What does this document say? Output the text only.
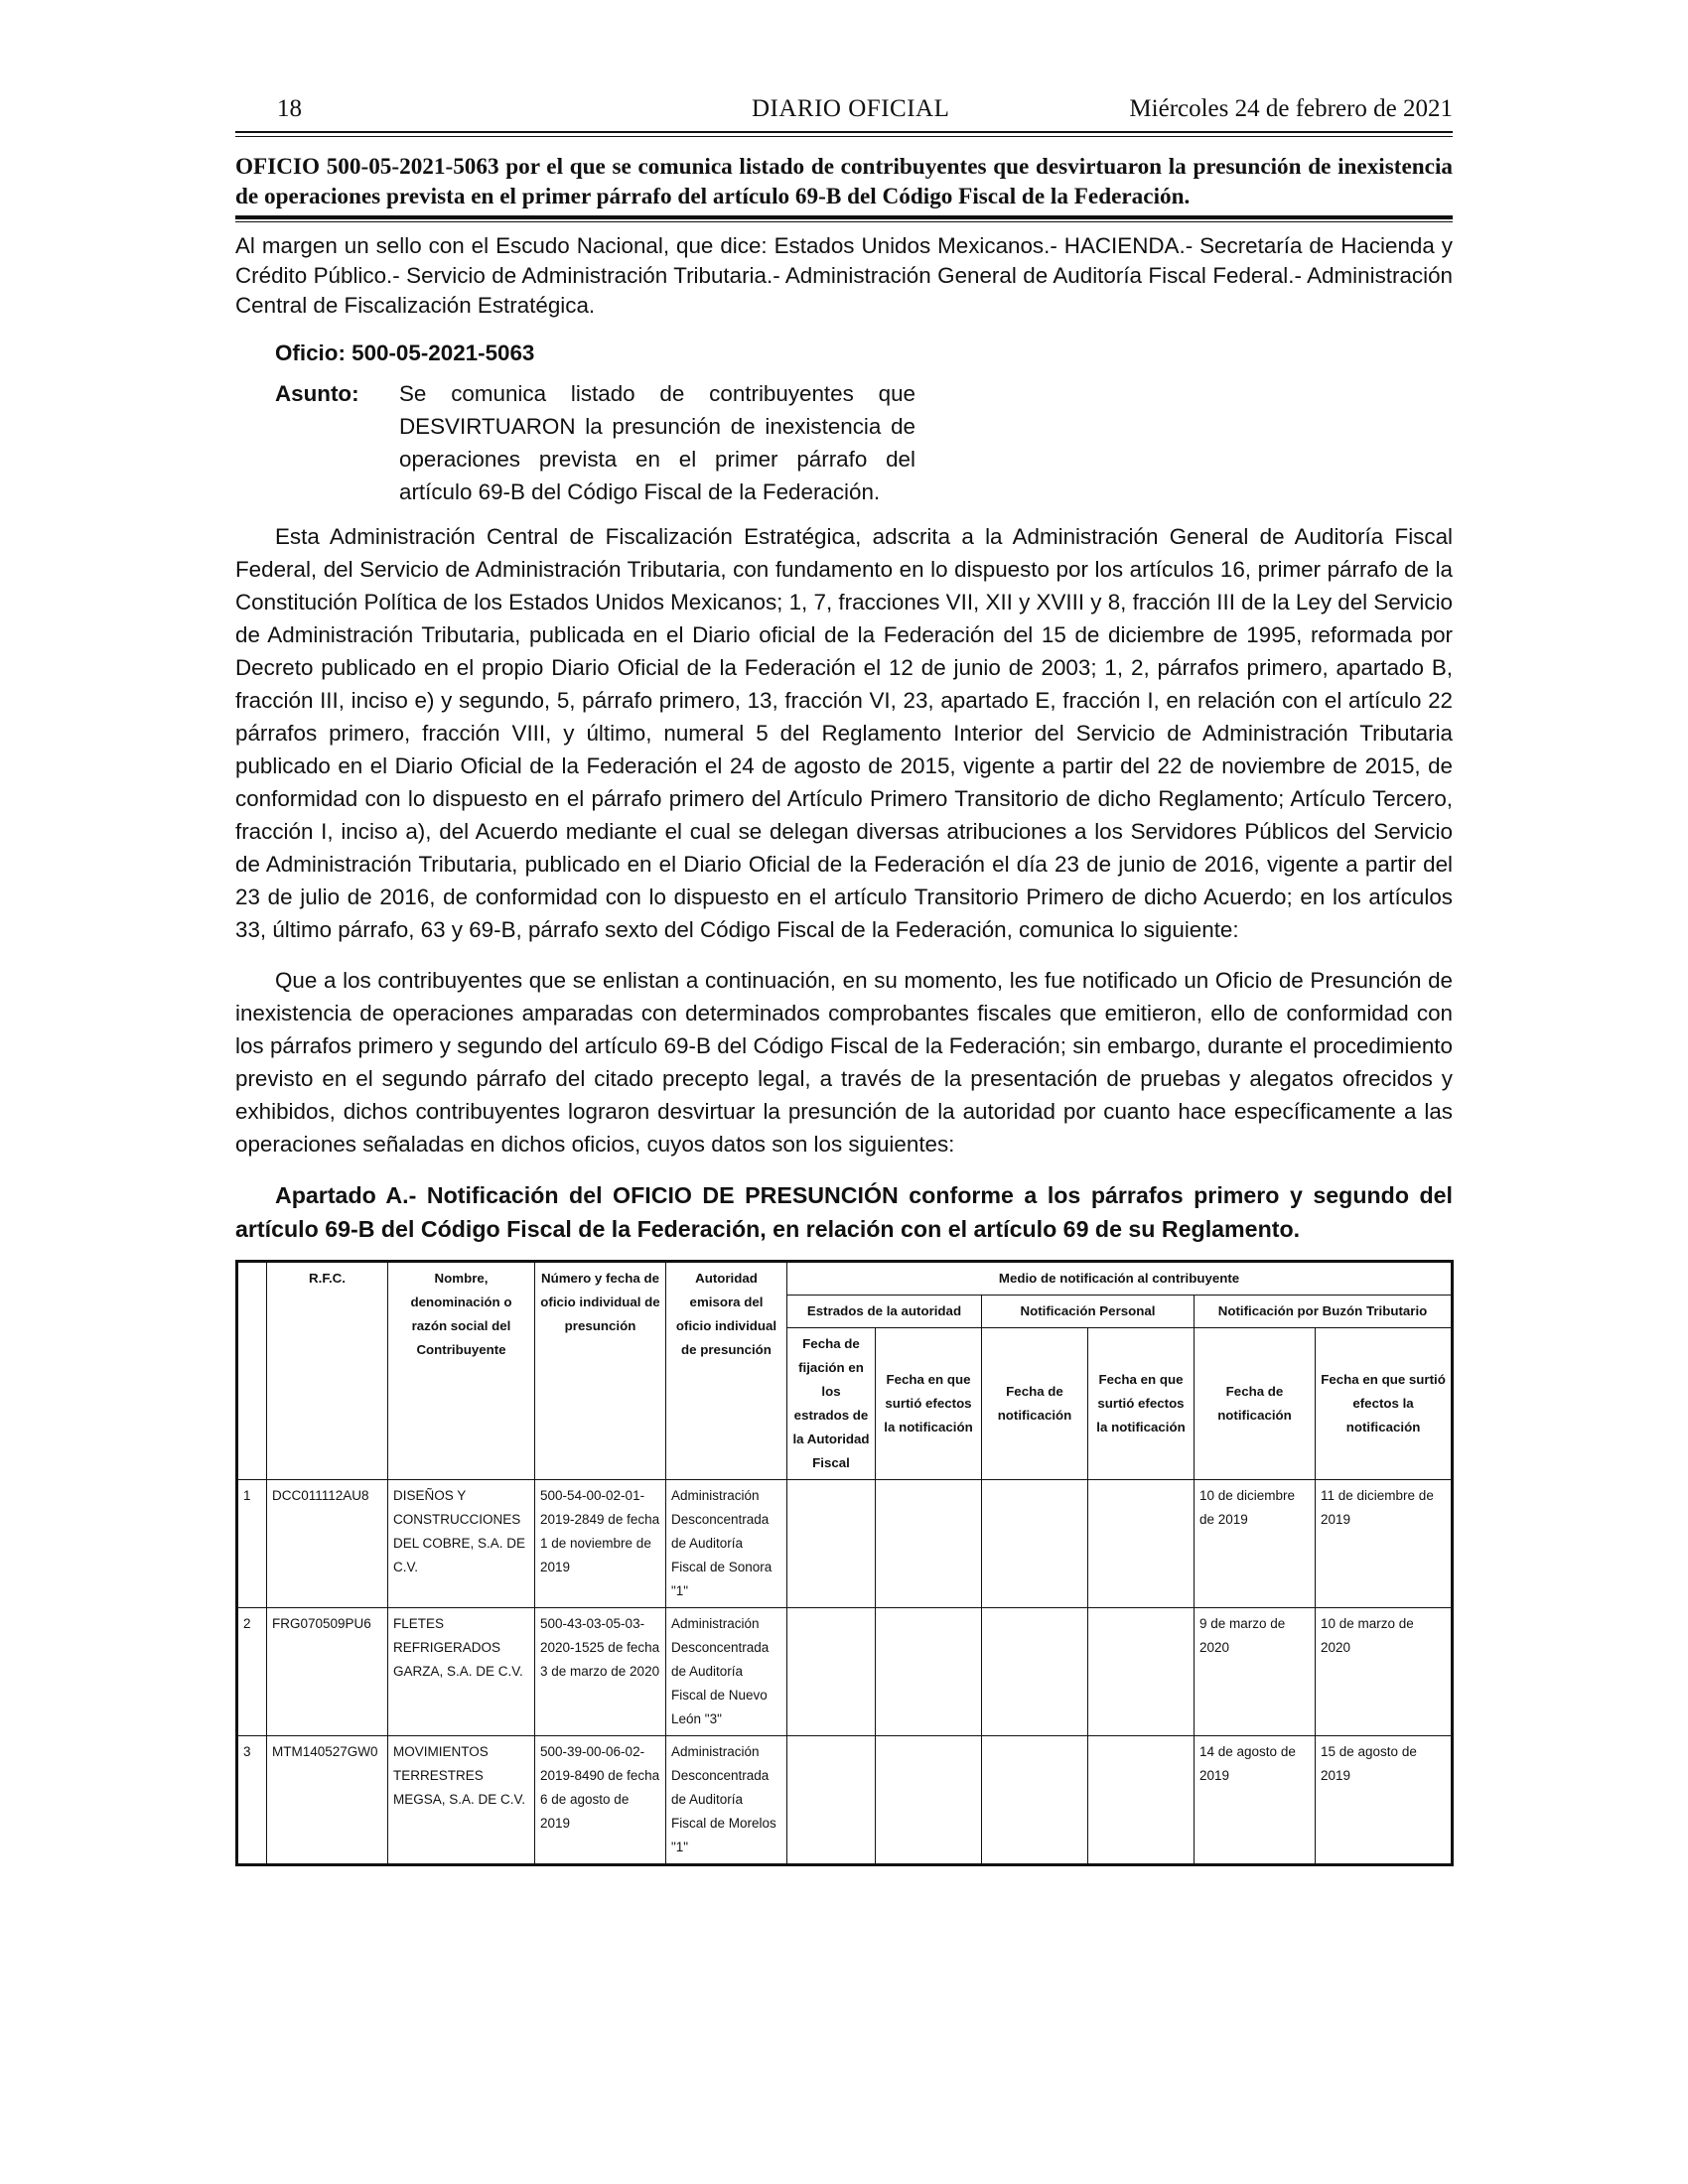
18	DIARIO OFICIAL	Miércoles 24 de febrero de 2021
OFICIO 500-05-2021-5063 por el que se comunica listado de contribuyentes que desvirtuaron la presunción de inexistencia de operaciones prevista en el primer párrafo del artículo 69-B del Código Fiscal de la Federación.

Al margen un sello con el Escudo Nacional, que dice: Estados Unidos Mexicanos.- HACIENDA.- Secretaría de Hacienda y Crédito Público.- Servicio de Administración Tributaria.- Administración General de Auditoría Fiscal Federal.- Administración Central de Fiscalización Estratégica.

Oficio: 500-05-2021-5063

Asunto:	Se comunica listado de contribuyentes que DESVIRTUARON la presunción de inexistencia de operaciones prevista en el primer párrafo del artículo 69-B del Código Fiscal de la Federación.

Esta Administración Central de Fiscalización Estratégica, adscrita a la Administración General de Auditoría Fiscal Federal, del Servicio de Administración Tributaria, con fundamento en lo dispuesto por los artículos 16, primer párrafo de la Constitución Política de los Estados Unidos Mexicanos; 1, 7, fracciones VII, XII y XVIII y 8, fracción III de la Ley del Servicio de Administración Tributaria, publicada en el Diario oficial de la Federación del 15 de diciembre de 1995, reformada por Decreto publicado en el propio Diario Oficial de la Federación el 12 de junio de 2003; 1, 2, párrafos primero, apartado B, fracción III, inciso e) y segundo, 5, párrafo primero, 13, fracción VI, 23, apartado E, fracción I, en relación con el artículo 22 párrafos primero, fracción VIII, y último, numeral 5 del Reglamento Interior del Servicio de Administración Tributaria publicado en el Diario Oficial de la Federación el 24 de agosto de 2015, vigente a partir del 22 de noviembre de 2015, de conformidad con lo dispuesto en el párrafo primero del Artículo Primero Transitorio de dicho Reglamento; Artículo Tercero, fracción I, inciso a), del Acuerdo mediante el cual se delegan diversas atribuciones a los Servidores Públicos del Servicio de Administración Tributaria, publicado en el Diario Oficial de la Federación el día 23 de junio de 2016, vigente a partir del 23 de julio de 2016, de conformidad con lo dispuesto en el artículo Transitorio Primero de dicho Acuerdo; en los artículos 33, último párrafo, 63 y 69-B, párrafo sexto del Código Fiscal de la Federación, comunica lo siguiente:

Que a los contribuyentes que se enlistan a continuación, en su momento, les fue notificado un Oficio de Presunción de inexistencia de operaciones amparadas con determinados comprobantes fiscales que emitieron, ello de conformidad con los párrafos primero y segundo del artículo 69-B del Código Fiscal de la Federación; sin embargo, durante el procedimiento previsto en el segundo párrafo del citado precepto legal, a través de la presentación de pruebas y alegatos ofrecidos y exhibidos, dichos contribuyentes lograron desvirtuar la presunción de la autoridad por cuanto hace específicamente a las operaciones señaladas en dichos oficios, cuyos datos son los siguientes:

Apartado A.- Notificación del OFICIO DE PRESUNCIÓN conforme a los párrafos primero y segundo del artículo 69-B del Código Fiscal de la Federación, en relación con el artículo 69 de su Reglamento.

	R.F.C.	Nombre, denominación o razón social del Contribuyente	Número y fecha de oficio individual de presunción	Autoridad emisora del oficio individual de presunción	Medio de notificación al contribuyente					
					Estrados de la autoridad		Notificación Personal		Notificación por Buzón Tributario	
					Fecha de fijación en los estrados de la Autoridad Fiscal	Fecha en que surtió efectos la notificación	Fecha de notificación	Fecha en que surtió efectos la notificación	Fecha de notificación	Fecha en que surtió efectos la notificación
1	DCC011112AU8	DISEÑOS Y CONSTRUCCIONES DEL COBRE, S.A. DE C.V.	500-54-00-02-01-2019-2849 de fecha 1 de noviembre de 2019	Administración Desconcentrada de Auditoría Fiscal de Sonora "1"					10 de diciembre de 2019	11 de diciembre de 2019
2	FRG070509PU6	FLETES REFRIGERADOS GARZA, S.A. DE C.V.	500-43-03-05-03-2020-1525 de fecha 3 de marzo de 2020	Administración Desconcentrada de Auditoría Fiscal de Nuevo León "3"					9 de marzo de 2020	10 de marzo de 2020
3	MTM140527GW0	MOVIMIENTOS TERRESTRES MEGSA, S.A. DE C.V.	500-39-00-06-02-2019-8490 de fecha 6 de agosto de 2019	Administración Desconcentrada de Auditoría Fiscal de Morelos "1"					14 de agosto de 2019	15 de agosto de 2019
